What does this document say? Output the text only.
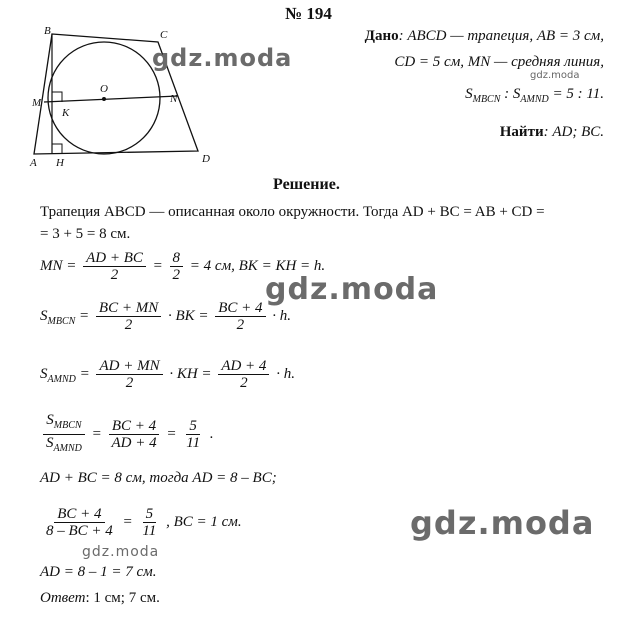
№ 194
B	C
A	D
M	N
O
K
H
gdz.moda
gdz.moda
Дано: ABCD — трапеция, AB = 3 см,
CD = 5 см, MN — средняя линия,
$S_{MBCN}$ : $S_{AMND} = 5$ : 11.
Найти: AD; BC.
Решение.
Трапеция ABCD — описанная около окружности. Тогда AD + BC = AB + CD =
= 3 + 5 = 8 см.
MN = $\frac{AD + BC}{2} = \frac{8}{2} = 4$ см, BK = KH = h.
gdz.moda
$S_{MBCN} = \frac{BC + MN}{2}$ · BK = $\frac{BC + 4}{2} \cdot h$.
$S_{AMND} = \frac{AD + MN}{2}$ · KH = $\frac{AD + 4}{2} \cdot h$.
$\frac{S_{MBCN}}{S_{AMND}} = \frac{BC + 4}{AD + 4} = \frac{5}{11}$ .
AD + BC = 8 см, тогда AD = 8 – BC;
$\frac{BC + 4}{8 - BC + 4} = \frac{5}{11}$ , BC = 1 см.	gdz.moda
gdz.moda
AD = 8 – 1 = 7 см.
Ответ: 1 см; 7 см.
